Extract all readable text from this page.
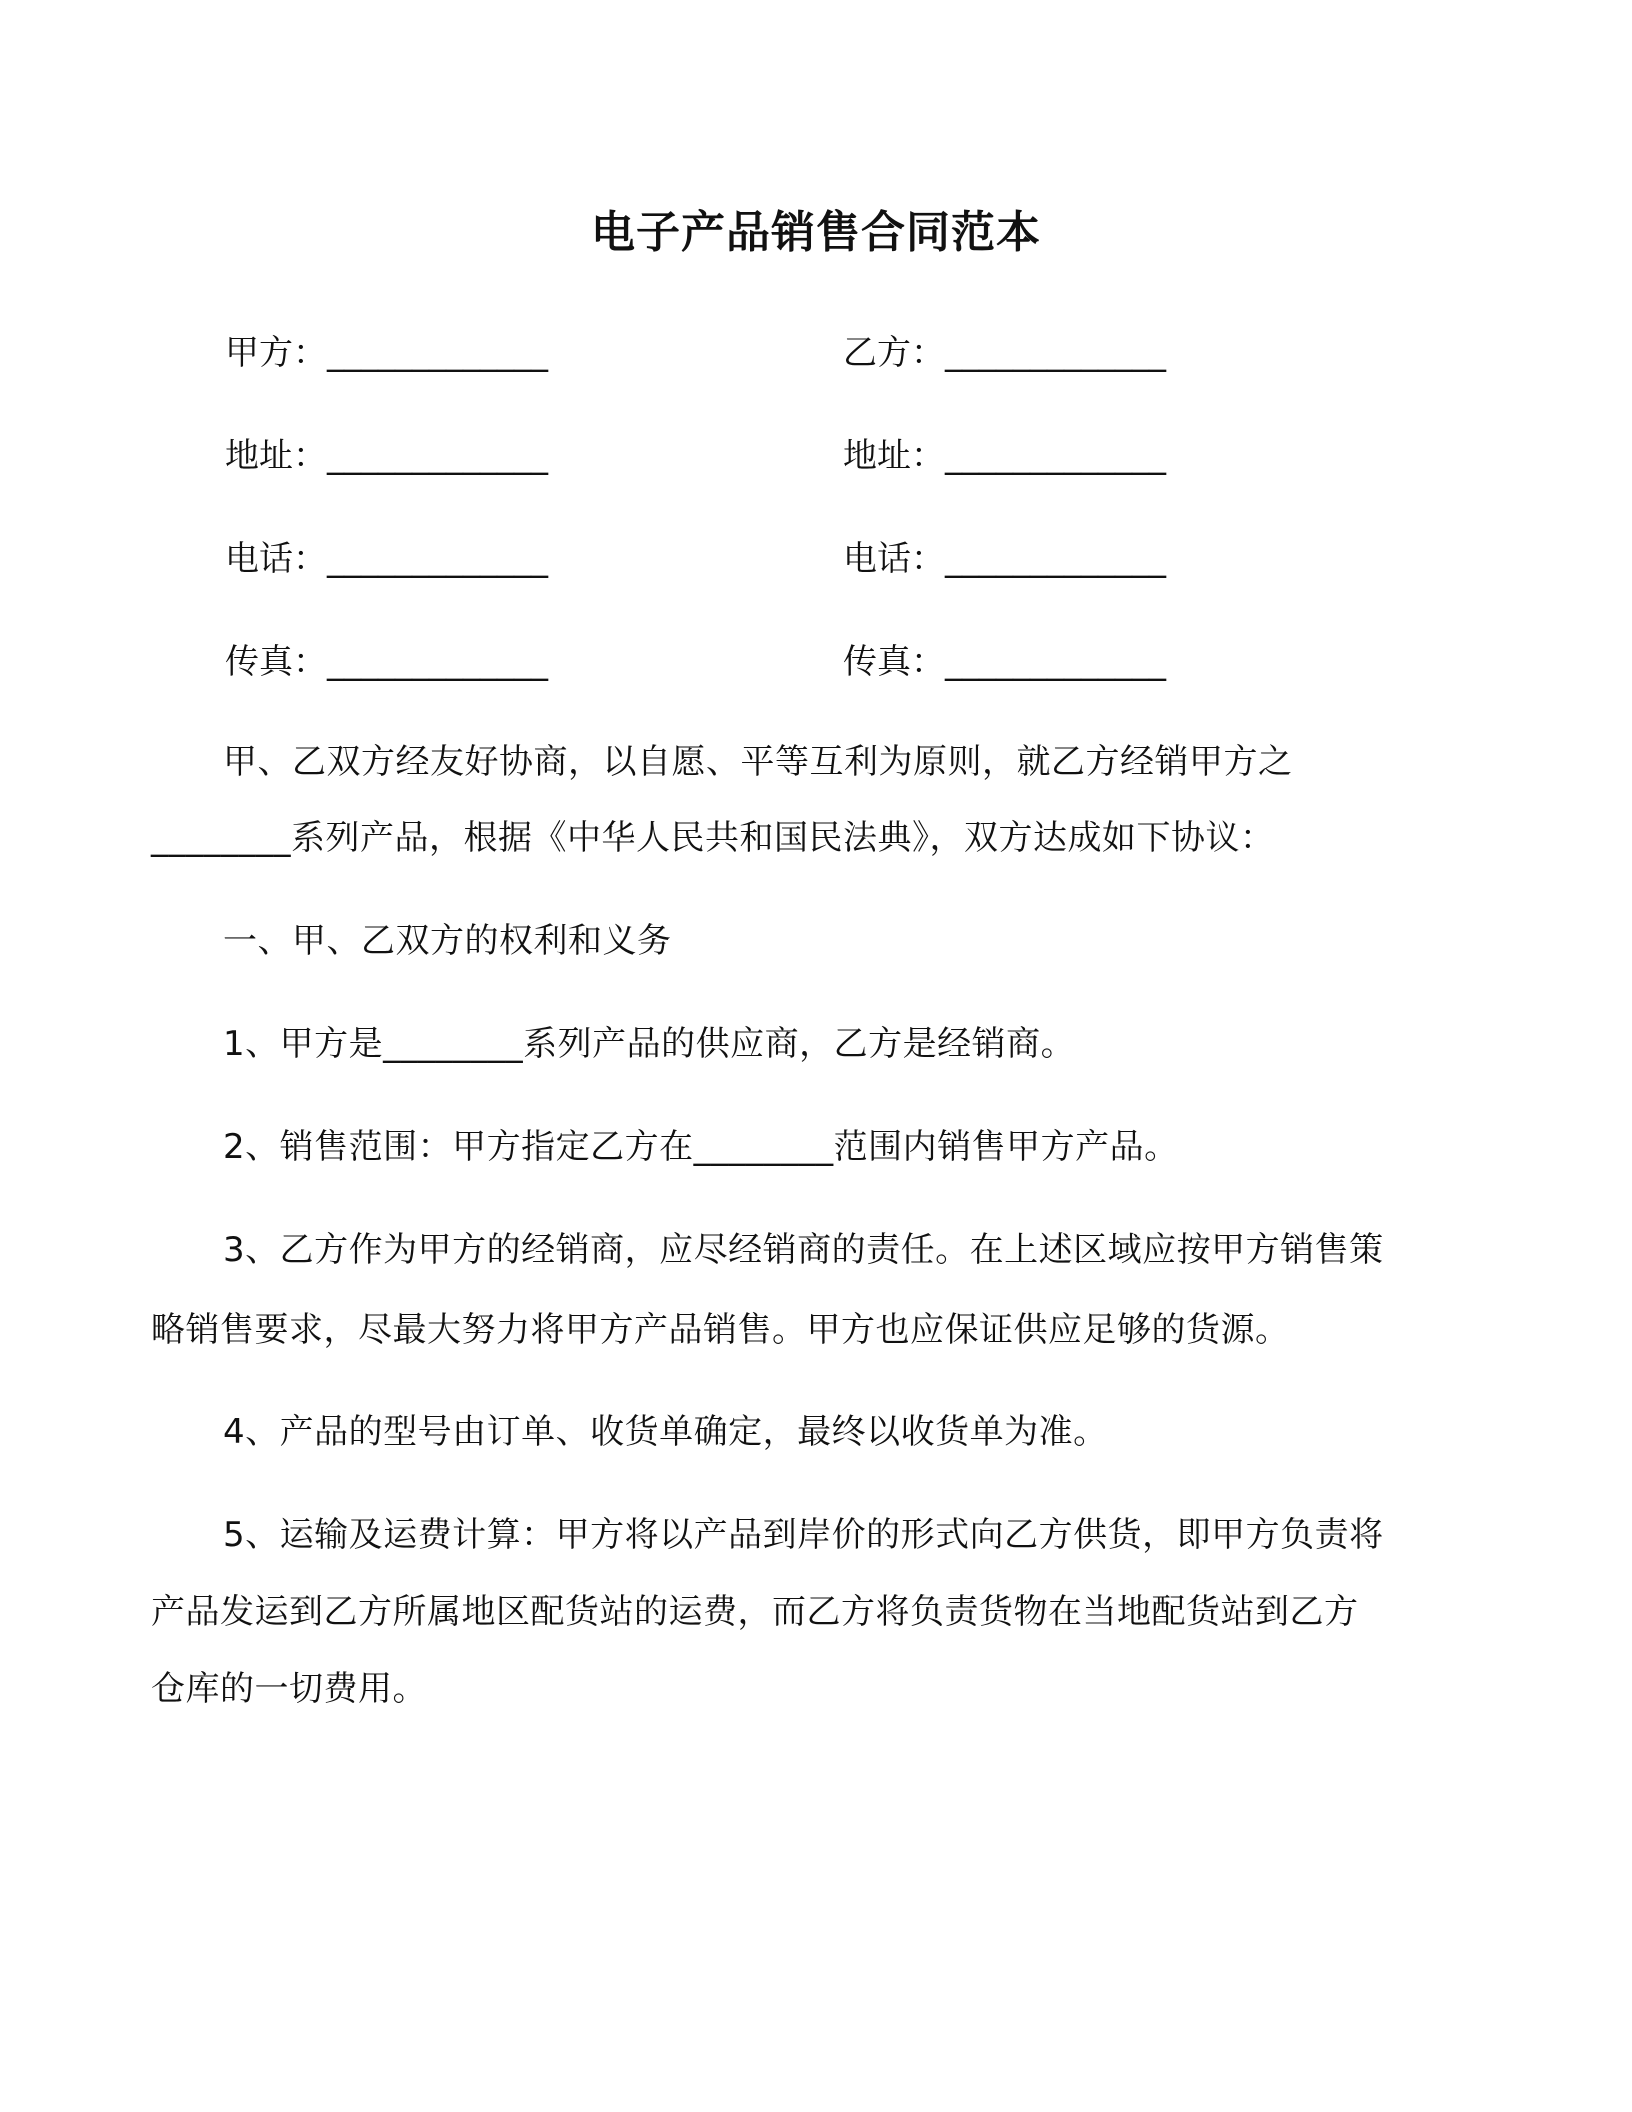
电子产品销售合同范本
甲方：_____________
地址：_____________
电话：_____________
传真：_____________
乙方：_____________
地址：_____________
电话：_____________
传真：_____________
甲、乙双方经友好协商，以自愿、平等互利为原则，就乙方经销甲方之
________系列产品，根据《中华人民共和国民法典》，双方达成如下协议：
一、甲、乙双方的权利和义务
1、甲方是________系列产品的供应商，乙方是经销商。
2、销售范围：甲方指定乙方在________范围内销售甲方产品。
3、乙方作为甲方的经销商，应尽经销商的责任。在上述区域应按甲方销售策
略销售要求，尽最大努力将甲方产品销售。甲方也应保证供应足够的货源。
4、产品的型号由订单、收货单确定，最终以收货单为准。
5、运输及运费计算：甲方将以产品到岸价的形式向乙方供货，即甲方负责将
产品发运到乙方所属地区配货站的运费，而乙方将负责货物在当地配货站到乙方
仓库的一切费用。
